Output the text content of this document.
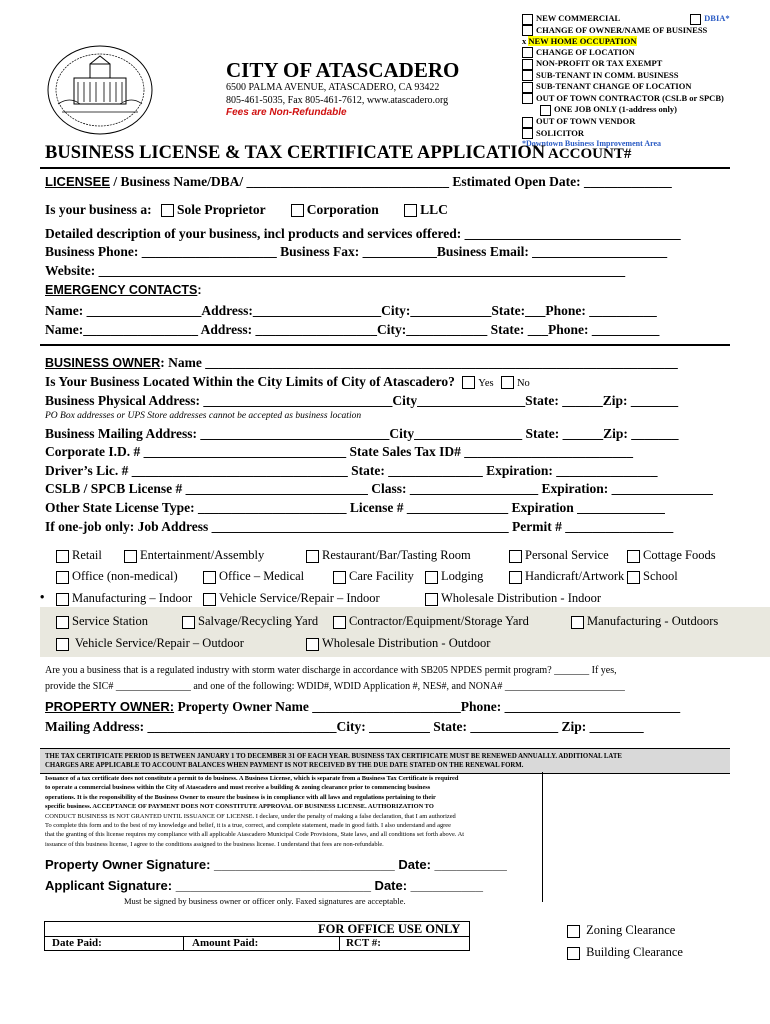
NEW COMMERCIAL	DBIA*
CHANGE OF OWNER/NAME OF BUSINESS
x NEW HOME OCCUPATION
CHANGE OF LOCATION
NON-PROFIT OR TAX EXEMPT
SUB-TENANT IN COMM. BUSINESS
SUB-TENANT CHANGE OF LOCATION
OUT OF TOWN CONTRACTOR (CSLB or SPCB)
ONE JOB ONLY (1-address only)
OUT OF TOWN VENDOR
SOLICITOR
*Downtown Business Improvement Area
CITY OF ATASCADERO
6500 PALMA AVENUE, ATASCADERO, CA 93422
805-461-5035, Fax 805-461-7612, www.atascadero.org
Fees are Non-Refundable
BUSINESS LICENSE & TAX CERTIFICATE APPLICATION ACCOUNT#
LICENSEE / Business Name/DBA/ ______________________________ Estimated Open Date: _____________
Is your business a: Sole Proprietor	Corporation	LLC
Detailed description of your business, incl products and services offered: ________________________________
Business Phone: ____________________ Business Fax: ___________Business Email: ____________________
Website: ______________________________________________________________________________
EMERGENCY CONTACTS:
Name: _________________Address:___________________City:____________State:___Phone: __________
Name:_________________ Address: __________________City:____________ State: ___Phone: __________
BUSINESS OWNER: Name ______________________________________________________________________
Is Your Business Located Within the City Limits of City of Atascadero? Yes No
Business Physical Address: ____________________________City________________State: ______Zip: _______
PO Box addresses or UPS Store addresses cannot be accepted as business location
Business Mailing Address: ____________________________City________________ State: ______Zip: _______
Corporate I.D. # ______________________________ State Sales Tax ID# _________________________
Driver’s Lic. # ________________________________ State: ______________ Expiration: _______________
CSLB / SPCB License # ___________________________ Class: ___________________ Expiration: _______________
Other State License Type: ______________________ License # _______________ Expiration _____________
If one-job only: Job Address ____________________________________________ Permit # ________________
Retail	Entertainment/Assembly	Restaurant/Bar/Tasting Room	Personal Service	Cottage Foods
Office (non-medical)	Office – Medical	Care Facility	Lodging	Handicraft/Artwork	School
•	Manufacturing – Indoor	Vehicle Service/Repair – Indoor	Wholesale Distribution - Indoor
Service Station	Salvage/Recycling Yard	Contractor/Equipment/Storage Yard	Manufacturing - Outdoors
Vehicle Service/Repair – Outdoor	Wholesale Distribution - Outdoor
Are you a business that is a regulated industry with storm water discharge in accordance with SB205 NPDES permit program? _______ If yes,
provide the SIC# _______________ and one of the following: WDID#, WDID Application #, NES#, and NONA# ________________________
PROPERTY OWNER: Property Owner Name ______________________Phone: __________________________
Mailing Address: ____________________________City: _________ State: _____________ Zip: ________
THE TAX CERTIFICATE PERIOD IS BETWEEN JANUARY 1 TO DECEMBER 31 OF EACH YEAR. BUSINESS TAX CERTIFICATE MUST BE RENEWED ANNUALLY. ADDITIONAL LATE
CHARGES ARE APPLICABLE TO ACCOUNT BALANCES WHEN PAYMENT IS NOT RECEIVED BY THE DUE DATE STATED ON THE RENEWAL FORM.
Issuance of a tax certificate does not constitute a permit to do business. A Business License, which is separate from a Business Tax Certificate is required
to operate a commercial business within the City of Atascadero and must receive a building & zoning clearance prior to commencing business
operations. It is the responsibility of the Business Owner to ensure the business is in compliance with all laws and regulations pertaining to their
specific business. ACCEPTANCE OF PAYMENT DOES NOT CONSTITUTE APPROVAL OF BUSINESS LICENSE. AUTHORIZATION TO
CONDUCT BUSINESS IS NOT GRANTED UNTIL ISSUANCE OF LICENSE. I declare, under the penalty of making a false declaration, that I am authorized
To complete this form and to the best of my knowledge and belief, it is a true, correct, and complete statement, made in good faith. I also understand and agree
that the granting of this license requires my compliance with all applicable Atascadero Municipal Code Provisions, State laws, and all conditions set forth above. At
issuance of this business license, I agree to the conditions assigned to the business license. I understand that fees are non-refundable.
Property Owner Signature: _________________________ Date: __________
Applicant Signature: ___________________________ Date: __________
Must be signed by business owner or officer only. Faxed signatures are acceptable.
FOR OFFICE USE ONLY
Date Paid:	Amount Paid:	RCT #:
Zoning Clearance
Building Clearance
